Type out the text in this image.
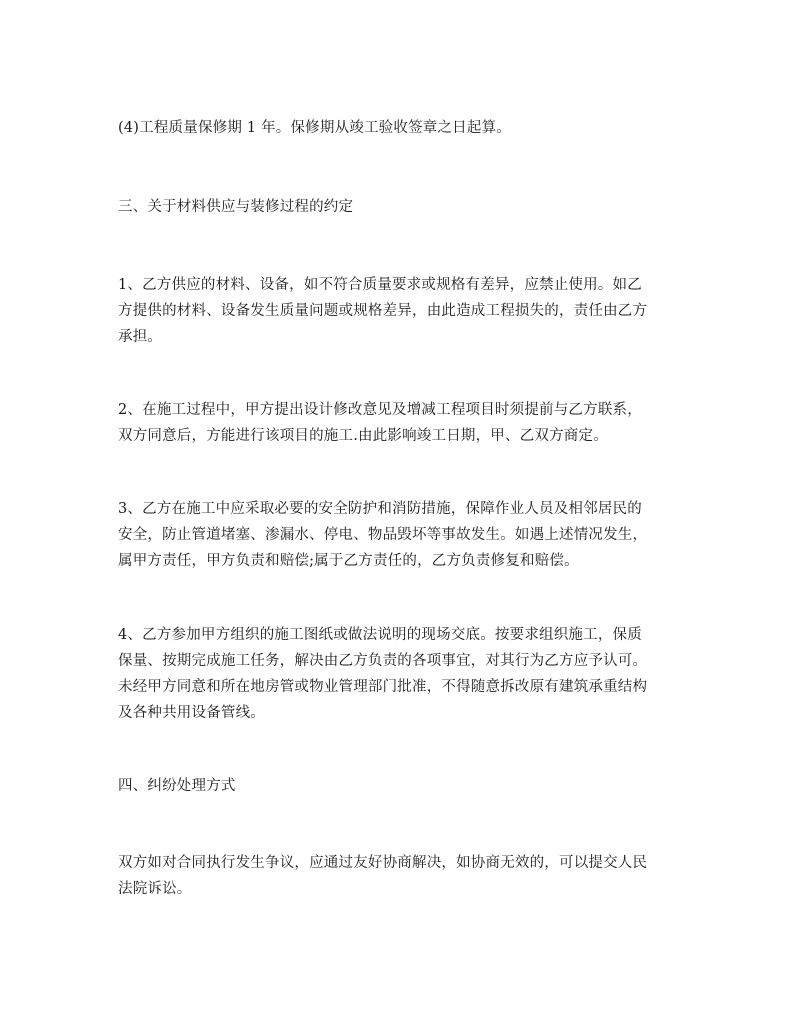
(4)工程质量保修期 1 年。保修期从竣工验收签章之日起算。

三、关于材料供应与装修过程的约定

1、乙方供应的材料、设备，如不符合质量要求或规格有差异，应禁止使用。如乙
方提供的材料、设备发生质量问题或规格差异，由此造成工程损失的，责任由乙方
承担。

2、在施工过程中，甲方提出设计修改意见及增减工程项目时须提前与乙方联系，
双方同意后，方能进行该项目的施工.由此影响竣工日期，甲、乙双方商定。

3、乙方在施工中应采取必要的安全防护和消防措施，保障作业人员及相邻居民的
安全，防止管道堵塞、渗漏水、停电、物品毁坏等事故发生。如遇上述情况发生，
属甲方责任，甲方负责和赔偿;属于乙方责任的，乙方负责修复和赔偿。

4、乙方参加甲方组织的施工图纸或做法说明的现场交底。按要求组织施工，保质
保量、按期完成施工任务，解决由乙方负责的各项事宜，对其行为乙方应予认可。
未经甲方同意和所在地房管或物业管理部门批准，不得随意拆改原有建筑承重结构
及各种共用设备管线。

四、纠纷处理方式

双方如对合同执行发生争议，应通过友好协商解决，如协商无效的，可以提交人民
法院诉讼。
